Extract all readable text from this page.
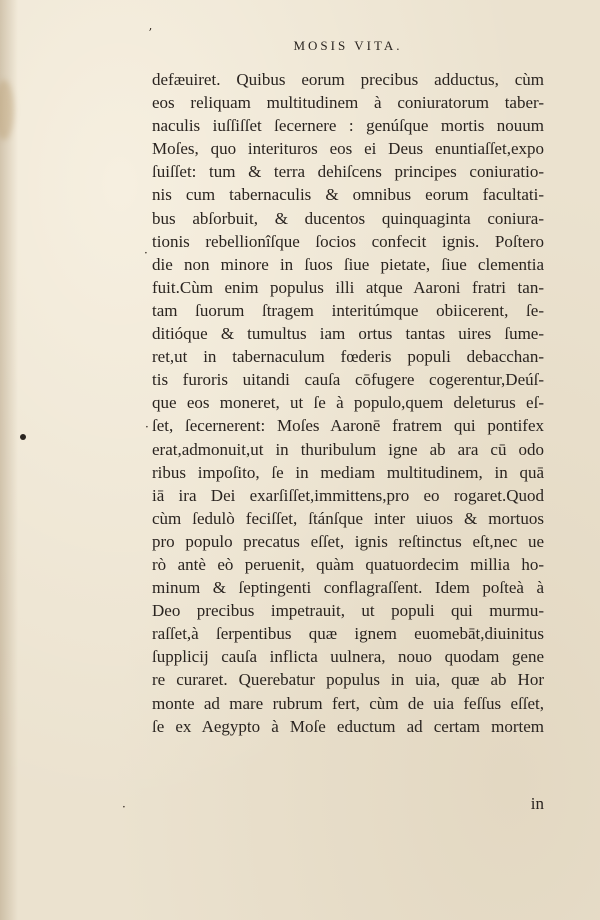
ʼ
·
·
·
MOSIS VITA.
defæuiret. Quibus eorum precibus adductus, cùm
eos reliquam multitudinem à coniuratorum taber-
naculis iuſſiſſet ſecernere : genúſque mortis nouum
Moſes, quo interituros eos ei Deus enuntiaſſet,expo
ſuiſſet: tum & terra dehiſcens principes coniuratio-
nis cum tabernaculis & omnibus eorum facultati-
bus abſorbuit, & ducentos quinquaginta coniura-
tionis rebellionîſque ſocios confecit ignis. Poſtero
die non minore in ſuos ſiue pietate, ſiue clementia
fuit.Cùm enim populus illi atque Aaroni fratri tan-
tam ſuorum ſtragem interitúmque obiicerent, ſe-
ditióque & tumultus iam ortus tantas uires ſume-
ret,ut in tabernaculum fœderis populi debacchan-
tis furoris uitandi cauſa cōfugere cogerentur,Deúſ-
que eos moneret, ut ſe à populo,quem deleturus eſ-
ſet, ſecernerent: Moſes Aaronē fratrem qui pontifex
erat,admonuit,ut in thuribulum igne ab ara cū odo
ribus impoſito, ſe in mediam multitudinem, in quā
iā ira Dei exarſiſſet,immittens,pro eo rogaret.Quod
cùm ſedulò feciſſet, ſtánſque inter uiuos & mortuos
pro populo precatus eſſet, ignis reſtinctus eſt,nec ue
rò antè eò peruenit, quàm quatuordecim millia ho-
minum & ſeptingenti conflagraſſent. Idem poſteà à
Deo precibus impetrauit, ut populi qui murmu-
raſſet,à ſerpentibus quæ ignem euomebāt,diuinitus
ſupplicij cauſa inflicta uulnera, nouo quodam gene
re curaret. Querebatur populus in uia, quæ ab Hor
monte ad mare rubrum fert, cùm de uia feſſus eſſet,
ſe ex Aegypto à Moſe eductum ad certam mortem
in
